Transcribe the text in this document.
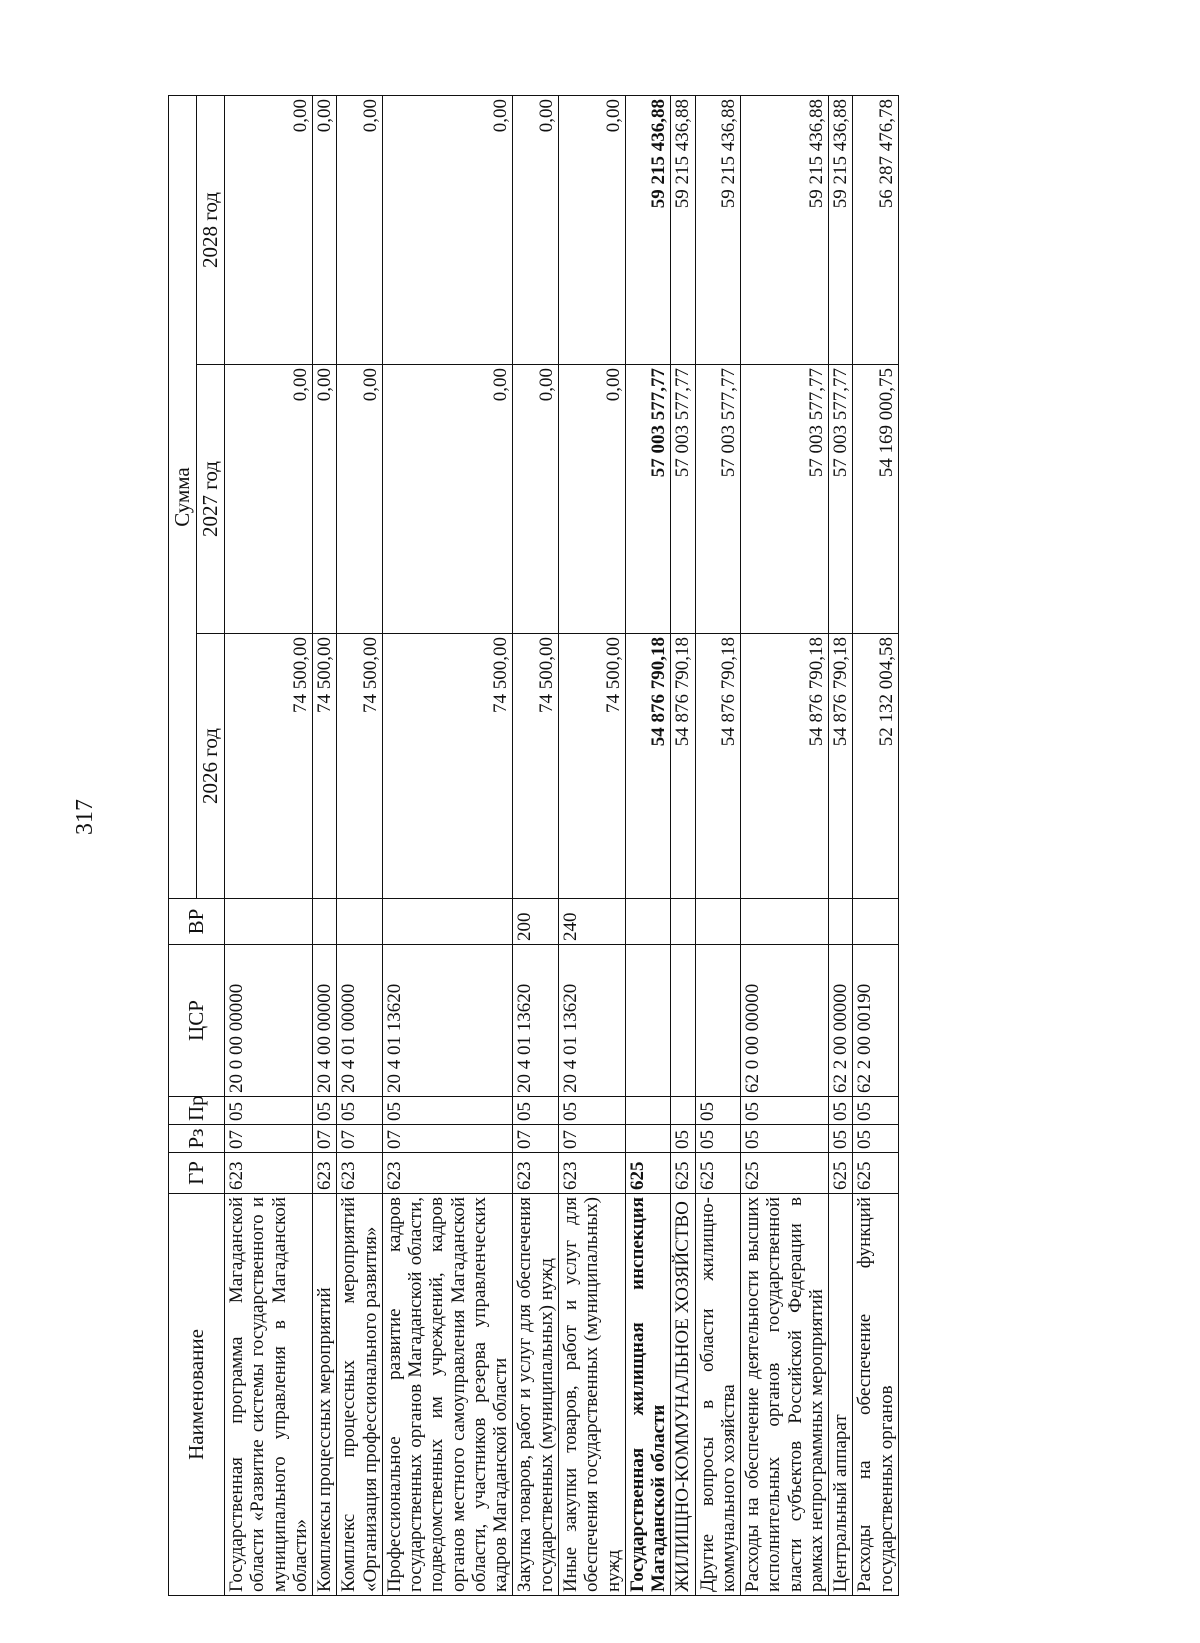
317
Наименование	ГР	Рз	Пр	ЦСР	ВР	Сумма		
						2026 год	2027 год	2028 год
Государственная программа Магаданской области «Развитие системы государственного и муниципального управления в Магаданской области»	623	07	05	20 0 00 00000		74 500,00	0,00	0,00
Комплексы процессных мероприятий	623	07	05	20 4 00 00000		74 500,00	0,00	0,00
Комплекс процессных мероприятий «Организация профессионального развития»	623	07	05	20 4 01 00000		74 500,00	0,00	0,00
Профессиональное развитие кадров государственных органов Магаданской области, подведомственных им учреждений, кадров органов местного самоуправления Магаданской области, участников резерва управленческих кадров Магаданской области	623	07	05	20 4 01 13620		74 500,00	0,00	0,00
Закупка товаров, работ и услуг для обеспечения государственных (муниципальных) нужд	623	07	05	20 4 01 13620	200	74 500,00	0,00	0,00
Иные закупки товаров, работ и услуг для обеспечения государственных (муниципальных) нужд	623	07	05	20 4 01 13620	240	74 500,00	0,00	0,00
Государственная жилищная инспекция Магаданской области	625					54 876 790,18	57 003 577,77	59 215 436,88
ЖИЛИЩНО-КОММУНАЛЬНОЕ ХОЗЯЙСТВО	625	05				54 876 790,18	57 003 577,77	59 215 436,88
Другие вопросы в области жилищно-коммунального хозяйства	625	05	05			54 876 790,18	57 003 577,77	59 215 436,88
Расходы на обеспечение деятельности высших исполнительных органов государственной власти субъектов Российской Федерации в рамках непрограммных мероприятий	625	05	05	62 0 00 00000		54 876 790,18	57 003 577,77	59 215 436,88
Центральный аппарат	625	05	05	62 2 00 00000		54 876 790,18	57 003 577,77	59 215 436,88
Расходы на обеспечение функций государственных органов	625	05	05	62 2 00 00190		52 132 004,58	54 169 000,75	56 287 476,78
